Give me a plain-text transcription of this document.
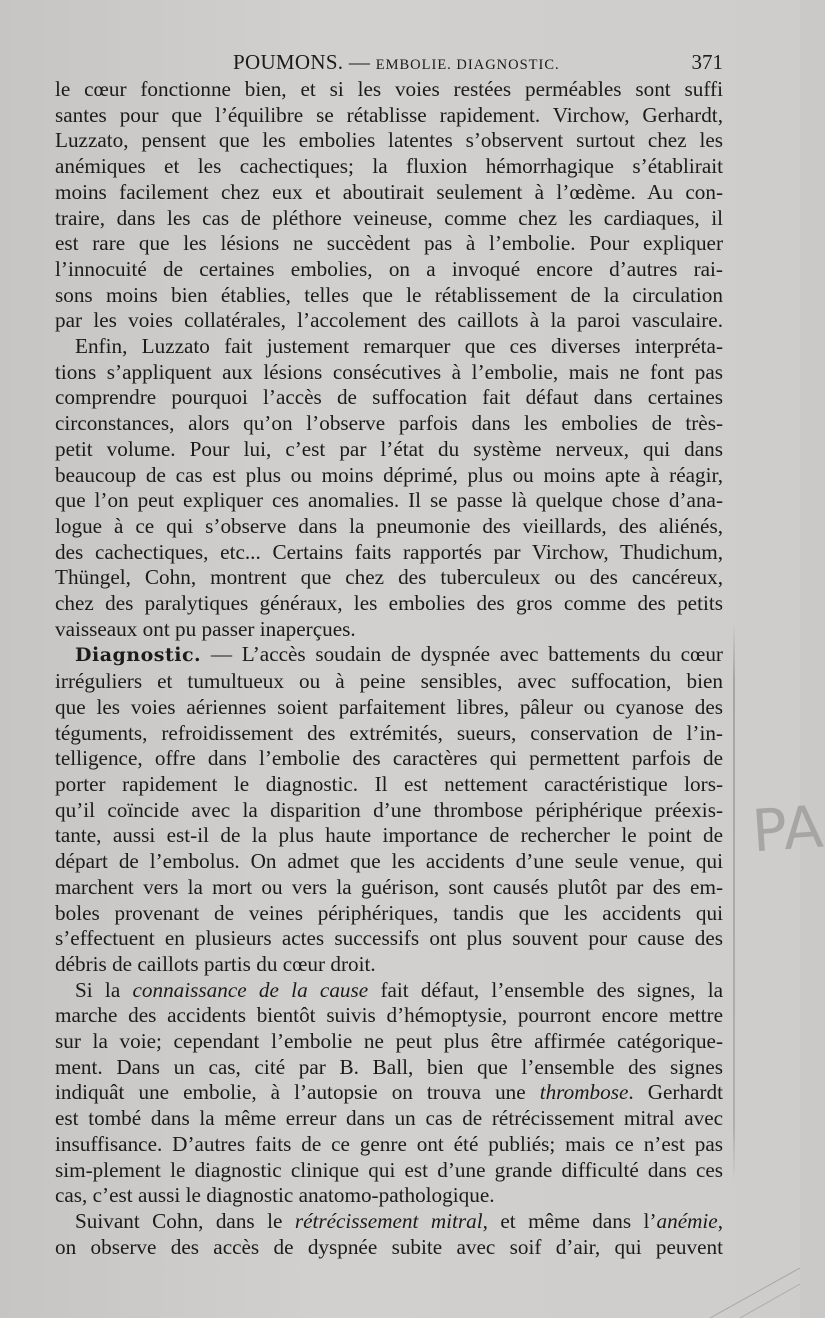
POUMONS. — EMBOLIE. DIAGNOSTIC.	371

le cœur fonctionne bien, et si les voies restées perméables sont suffi

santes pour que l’équilibre se rétablisse rapidement. Virchow, Gerhardt,

Luzzato, pensent que les embolies latentes s’observent surtout chez les

anémiques et les cachectiques; la fluxion hémorrhagique s’établirait

moins facilement chez eux et aboutirait seulement à l’œdème. Au con-

traire, dans les cas de pléthore veineuse, comme chez les cardiaques, il

est rare que les lésions ne succèdent pas à l’embolie. Pour expliquer

l’innocuité de certaines embolies, on a invoqué encore d’autres rai-

sons moins bien établies, telles que le rétablissement de la circulation

par les voies collatérales, l’accolement des caillots à la paroi vasculaire.

Enfin, Luzzato fait justement remarquer que ces diverses interpréta-

tions s’appliquent aux lésions consécutives à l’embolie, mais ne font pas

comprendre pourquoi l’accès de suffocation fait défaut dans certaines

circonstances, alors qu’on l’observe parfois dans les embolies de très-

petit volume. Pour lui, c’est par l’état du système nerveux, qui dans

beaucoup de cas est plus ou moins déprimé, plus ou moins apte à réagir,

que l’on peut expliquer ces anomalies. Il se passe là quelque chose d’ana-

logue à ce qui s’observe dans la pneumonie des vieillards, des aliénés,

des cachectiques, etc... Certains faits rapportés par Virchow, Thudichum,

Thüngel, Cohn, montrent que chez des tuberculeux ou des cancéreux,

chez des paralytiques généraux, les embolies des gros comme des petits

vaisseaux ont pu passer inaperçues.

Diagnostic. — L’accès soudain de dyspnée avec battements du cœur

irréguliers et tumultueux ou à peine sensibles, avec suffocation, bien

que les voies aériennes soient parfaitement libres, pâleur ou cyanose des

téguments, refroidissement des extrémités, sueurs, conservation de l’in-

telligence, offre dans l’embolie des caractères qui permettent parfois de

porter rapidement le diagnostic. Il est nettement caractéristique lors-

qu’il coïncide avec la disparition d’une thrombose périphérique préexis-

tante, aussi est-il de la plus haute importance de rechercher le point de

départ de l’embolus. On admet que les accidents d’une seule venue, qui

marchent vers la mort ou vers la guérison, sont causés plutôt par des em-

boles provenant de veines périphériques, tandis que les accidents qui

s’effectuent en plusieurs actes successifs ont plus souvent pour cause des

débris de caillots partis du cœur droit.

Si la connaissance de la cause fait défaut, l’ensemble des signes, la

marche des accidents bientôt suivis d’hémoptysie, pourront encore mettre

sur la voie; cependant l’embolie ne peut plus être affirmée catégorique-

ment. Dans un cas, cité par B. Ball, bien que l’ensemble des signes

indiquât une embolie, à l’autopsie on trouva une thrombose. Gerhardt

est tombé dans la même erreur dans un cas de rétrécissement mitral avec

insuffisance. D’autres faits de ce genre ont été publiés; mais ce n’est pas

sim-plement le diagnostic clinique qui est d’une grande difficulté dans ces

cas, c’est aussi le diagnostic anatomo-pathologique.

Suivant Cohn, dans le rétrécissement mitral, et même dans l’anémie,

on observe des accès de dyspnée subite avec soif d’air, qui peuvent

PA
